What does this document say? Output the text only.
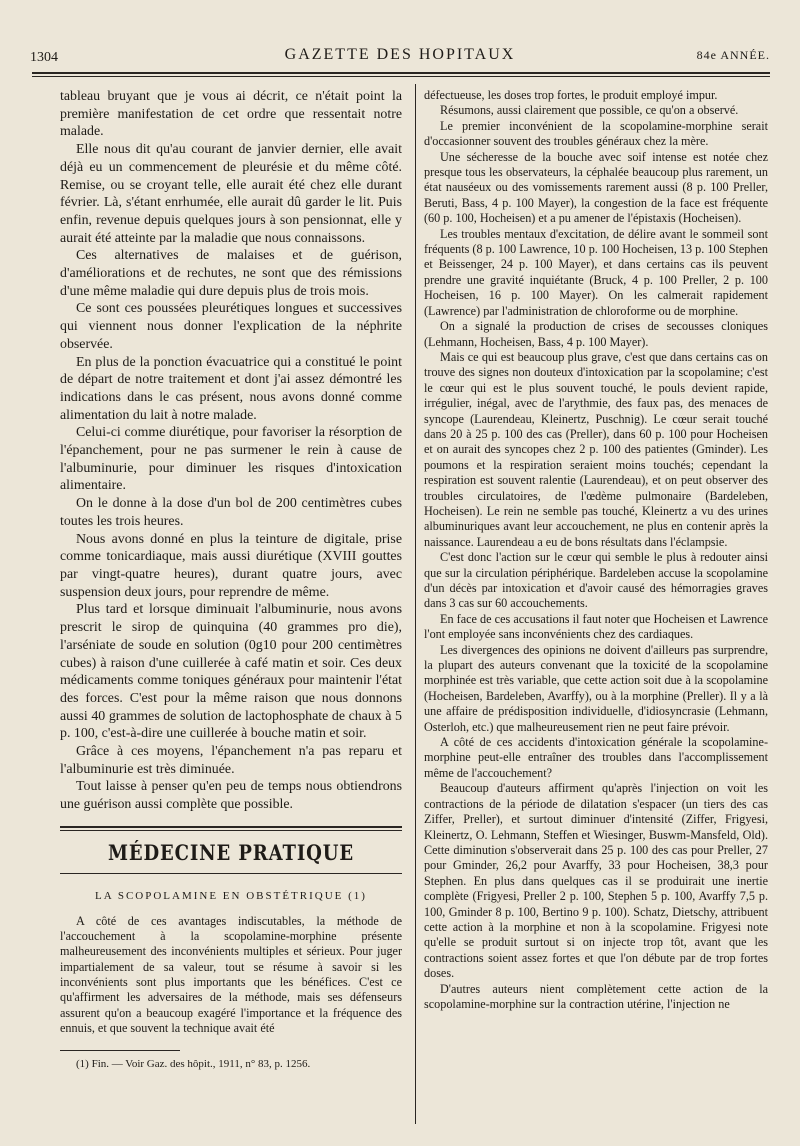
1304	GAZETTE DES HOPITAUX	84e ANNÉE.

tableau bruyant que je vous ai décrit, ce n'était point la première manifestation de cet ordre que ressentait notre malade.

Elle nous dit qu'au courant de janvier dernier, elle avait déjà eu un commencement de pleurésie et du même côté. Remise, ou se croyant telle, elle aurait été chez elle durant février. Là, s'étant enrhumée, elle aurait dû garder le lit. Puis enfin, revenue depuis quelques jours à son pensionnat, elle y aurait été atteinte par la maladie que nous connaissons.

Ces alternatives de malaises et de guérison, d'améliorations et de rechutes, ne sont que des rémissions d'une même maladie qui dure depuis plus de trois mois.

Ce sont ces poussées pleurétiques longues et successives qui viennent nous donner l'explication de la néphrite observée.

En plus de la ponction évacuatrice qui a constitué le point de départ de notre traitement et dont j'ai assez démontré les indications dans le cas présent, nous avons donné comme alimentation du lait à notre malade.

Celui-ci comme diurétique, pour favoriser la résorption de l'épanchement, pour ne pas surmener le rein à cause de l'albuminurie, pour diminuer les risques d'intoxication alimentaire.

On le donne à la dose d'un bol de 200 centimètres cubes toutes les trois heures.

Nous avons donné en plus la teinture de digitale, prise comme tonicardiaque, mais aussi diurétique (XVIII gouttes par vingt-quatre heures), durant quatre jours, avec suspension deux jours, pour reprendre de même.

Plus tard et lorsque diminuait l'albuminurie, nous avons prescrit le sirop de quinquina (40 grammes pro die), l'arséniate de soude en solution (0g10 pour 200 centimètres cubes) à raison d'une cuillerée à café matin et soir. Ces deux médicaments comme toniques généraux pour maintenir l'état des forces. C'est pour la même raison que nous donnons aussi 40 grammes de solution de lactophosphate de chaux à 5 p. 100, c'est-à-dire une cuillerée à bouche matin et soir.

Grâce à ces moyens, l'épanchement n'a pas reparu et l'albuminurie est très diminuée.

Tout laisse à penser qu'en peu de temps nous obtiendrons une guérison aussi complète que possible.

MÉDECINE PRATIQUE
LA SCOPOLAMINE EN OBSTÉTRIQUE (1)

A côté de ces avantages indiscutables, la méthode de l'accouchement à la scopolamine-morphine présente malheureusement des inconvénients multiples et sérieux. Pour juger impartialement de sa valeur, tout se résume à savoir si les inconvénients sont plus importants que les bénéfices. C'est ce qu'affirment les adversaires de la méthode, mais ses défenseurs assurent qu'on a beaucoup exagéré l'importance et la fréquence des ennuis, et que souvent la technique avait été

(1) Fin. — Voir Gaz. des hôpit., 1911, n° 83, p. 1256.

défectueuse, les doses trop fortes, le produit employé impur.

Résumons, aussi clairement que possible, ce qu'on a observé.

Le premier inconvénient de la scopolamine-morphine serait d'occasionner souvent des troubles généraux chez la mère.

Une sécheresse de la bouche avec soif intense est notée chez presque tous les observateurs, la céphalée beaucoup plus rarement, un état nauséeux ou des vomissements rarement aussi (8 p. 100 Preller, Beruti, Bass, 4 p. 100 Mayer), la congestion de la face est fréquente (60 p. 100, Hocheisen) et a pu amener de l'épistaxis (Hocheisen).

Les troubles mentaux d'excitation, de délire avant le sommeil sont fréquents (8 p. 100 Lawrence, 10 p. 100 Hocheisen, 13 p. 100 Stephen et Beissenger, 24 p. 100 Mayer), et dans certains cas ils peuvent prendre une gravité inquiétante (Bruck, 4 p. 100 Preller, 2 p. 100 Hocheisen, 16 p. 100 Mayer). On les calmerait rapidement (Lawrence) par l'administration de chloroforme ou de morphine.

On a signalé la production de crises de secousses cloniques (Lehmann, Hocheisen, Bass, 4 p. 100 Mayer).

Mais ce qui est beaucoup plus grave, c'est que dans certains cas on trouve des signes non douteux d'intoxication par la scopolamine; c'est le cœur qui est le plus souvent touché, le pouls devient rapide, irrégulier, inégal, avec de l'arythmie, des faux pas, des menaces de syncope (Laurendeau, Kleinertz, Puschnig). Le cœur serait touché dans 20 à 25 p. 100 des cas (Preller), dans 60 p. 100 pour Hocheisen et on aurait des syncopes chez 2 p. 100 des patientes (Gminder). Les poumons et la respiration seraient moins touchés; cependant la respiration est souvent ralentie (Laurendeau), et on peut observer des troubles circulatoires, de l'œdème pulmonaire (Bardeleben, Hocheisen). Le rein ne semble pas touché, Kleinertz a vu des urines albuminuriques avant leur accouchement, ne plus en contenir après la naissance. Laurendeau a eu de bons résultats dans l'éclampsie.

C'est donc l'action sur le cœur qui semble le plus à redouter ainsi que sur la circulation périphérique. Bardeleben accuse la scopolamine d'un décès par intoxication et d'avoir causé des hémorragies graves dans 3 cas sur 60 accouchements.

En face de ces accusations il faut noter que Hocheisen et Lawrence l'ont employée sans inconvénients chez des cardiaques.

Les divergences des opinions ne doivent d'ailleurs pas surprendre, la plupart des auteurs convenant que la toxicité de la scopolamine morphinée est très variable, que cette action soit due à la scopolamine (Hocheisen, Bardeleben, Avarffy), ou à la morphine (Preller). Il y a là une affaire de prédisposition individuelle, d'idiosyncrasie (Lehmann, Osterloh, etc.) que malheureusement rien ne peut faire prévoir.

A côté de ces accidents d'intoxication générale la scopolamine-morphine peut-elle entraîner des troubles dans l'accomplissement même de l'accouchement?

Beaucoup d'auteurs affirment qu'après l'injection on voit les contractions de la période de dilatation s'espacer (un tiers des cas Ziffer, Preller), et surtout diminuer d'intensité (Ziffer, Frigyesi, Kleinertz, O. Lehmann, Steffen et Wiesinger, Buswm-Mansfeld, Old). Cette diminution s'observerait dans 25 p. 100 des cas pour Preller, 27 pour Gminder, 26,2 pour Avarffy, 33 pour Hocheisen, 38,3 pour Stephen. En plus dans quelques cas il se produirait une inertie complète (Frigyesi, Preller 2 p. 100, Stephen 5 p. 100, Avarffy 7,5 p. 100, Gminder 8 p. 100, Bertino 9 p. 100). Schatz, Dietschy, attribuent cette action à la morphine et non à la scopolamine. Frigyesi note qu'elle se produit surtout si on injecte trop tôt, avant que les contractions soient assez fortes et que l'on débute par de trop fortes doses.

D'autres auteurs nient complètement cette action de la scopolamine-morphine sur la contraction utérine, l'injection ne
